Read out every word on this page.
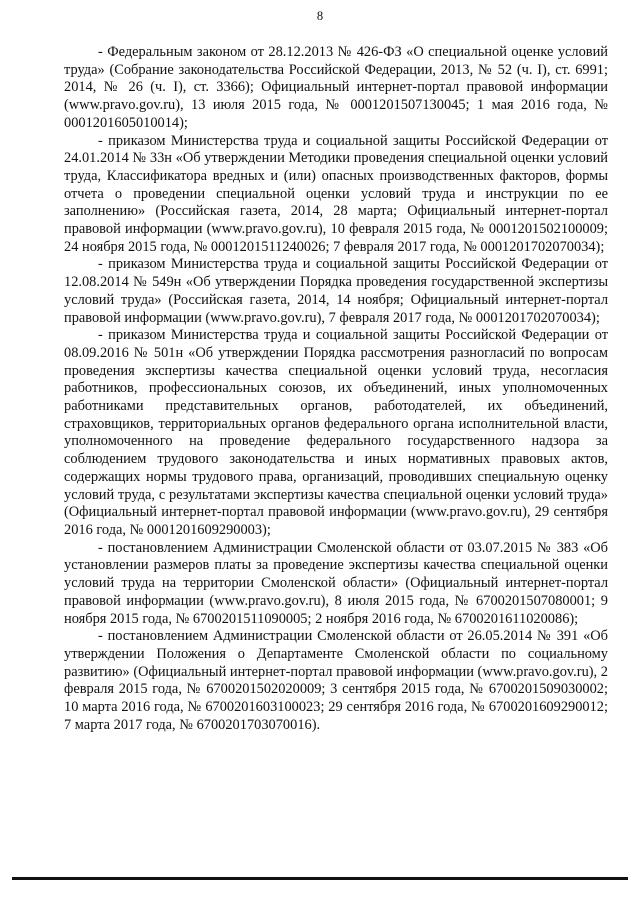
8

- Федеральным законом от 28.12.2013 № 426-ФЗ «О специальной оценке условий труда» (Собрание законодательства Российской Федерации, 2013, № 52 (ч. I), ст. 6991; 2014, № 26 (ч. I), ст. 3366); Официальный интернет-портал правовой информации (www.pravo.gov.ru), 13 июля 2015 года, № 0001201507130045; 1 мая 2016 года, № 0001201605010014);

- приказом Министерства труда и социальной защиты Российской Федерации от 24.01.2014 № 33н «Об утверждении Методики проведения специальной оценки условий труда, Классификатора вредных и (или) опасных производственных факторов, формы отчета о проведении специальной оценки условий труда и инструкции по ее заполнению» (Российская газета, 2014, 28 марта; Официальный интернет-портал правовой информации (www.pravo.gov.ru), 10 февраля 2015 года, № 0001201502100009; 24 ноября 2015 года, № 0001201511240026; 7 февраля 2017 года, № 0001201702070034);

- приказом Министерства труда и социальной защиты Российской Федерации от 12.08.2014 № 549н «Об утверждении Порядка проведения государственной экспертизы условий труда» (Российская газета, 2014, 14 ноября; Официальный интернет-портал правовой информации (www.pravo.gov.ru), 7 февраля 2017 года, № 0001201702070034);

- приказом Министерства труда и социальной защиты Российской Федерации от 08.09.2016 № 501н «Об утверждении Порядка рассмотрения разногласий по вопросам проведения экспертизы качества специальной оценки условий труда, несогласия работников, профессиональных союзов, их объединений, иных уполномоченных работниками представительных органов, работодателей, их объединений, страховщиков, территориальных органов федерального органа исполнительной власти, уполномоченного на проведение федерального государственного надзора за соблюдением трудового законодательства и иных нормативных правовых актов, содержащих нормы трудового права, организаций, проводивших специальную оценку условий труда, с результатами экспертизы качества специальной оценки условий труда» (Официальный интернет-портал правовой информации (www.pravo.gov.ru), 29 сентября 2016 года, № 0001201609290003);

- постановлением Администрации Смоленской области от 03.07.2015 № 383 «Об установлении размеров платы за проведение экспертизы качества специальной оценки условий труда на территории Смоленской области» (Официальный интернет-портал правовой информации (www.pravo.gov.ru), 8 июля 2015 года, № 6700201507080001; 9 ноября 2015 года, № 6700201511090005; 2 ноября 2016 года, № 6700201611020086);

- постановлением Администрации Смоленской области от 26.05.2014 № 391 «Об утверждении Положения о Департаменте Смоленской области по социальному развитию» (Официальный интернет-портал правовой информации (www.pravo.gov.ru), 2 февраля 2015 года, № 6700201502020009; 3 сентября 2015 года, № 6700201509030002; 10 марта 2016 года, № 6700201603100023; 29 сентября 2016 года, № 6700201609290012; 7 марта 2017 года, № 6700201703070016).
